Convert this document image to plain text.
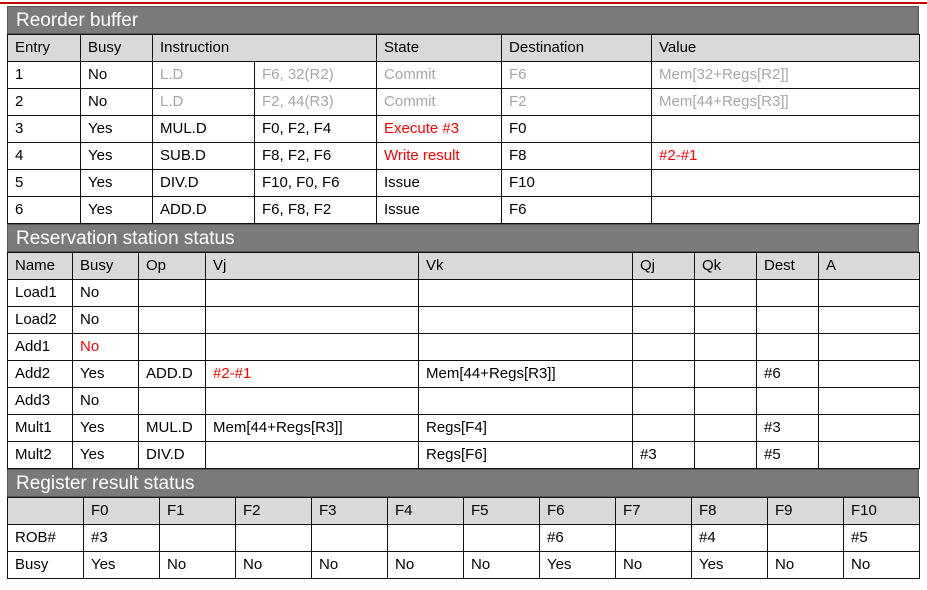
Reorder buffer
Entry	Busy	Instruction		State	Destination	Value
1	No	L.D	F6, 32(R2)	Commit	F6	Mem[32+Regs[R2]]
2	No	L.D	F2, 44(R3)	Commit	F2	Mem[44+Regs[R3]]
3	Yes	MUL.D	F0, F2, F4	Execute #3	F0	
4	Yes	SUB.D	F8, F2, F6	Write result	F8	#2-#1
5	Yes	DIV.D	F10, F0, F6	Issue	F10	
6	Yes	ADD.D	F6, F8, F2	Issue	F6	
Reservation station status
Name	Busy	Op	Vj	Vk	Qj	Qk	Dest	A
Load1	No							
Load2	No							
Add1	No							
Add2	Yes	ADD.D	#2-#1	Mem[44+Regs[R3]]			#6	
Add3	No							
Mult1	Yes	MUL.D	Mem[44+Regs[R3]]	Regs[F4]			#3	
Mult2	Yes	DIV.D		Regs[F6]	#3		#5	
Register result status
	F0	F1	F2	F3	F4	F5	F6	F7	F8	F9	F10
ROB#	#3						#6		#4		#5
Busy	Yes	No	No	No	No	No	Yes	No	Yes	No	No
